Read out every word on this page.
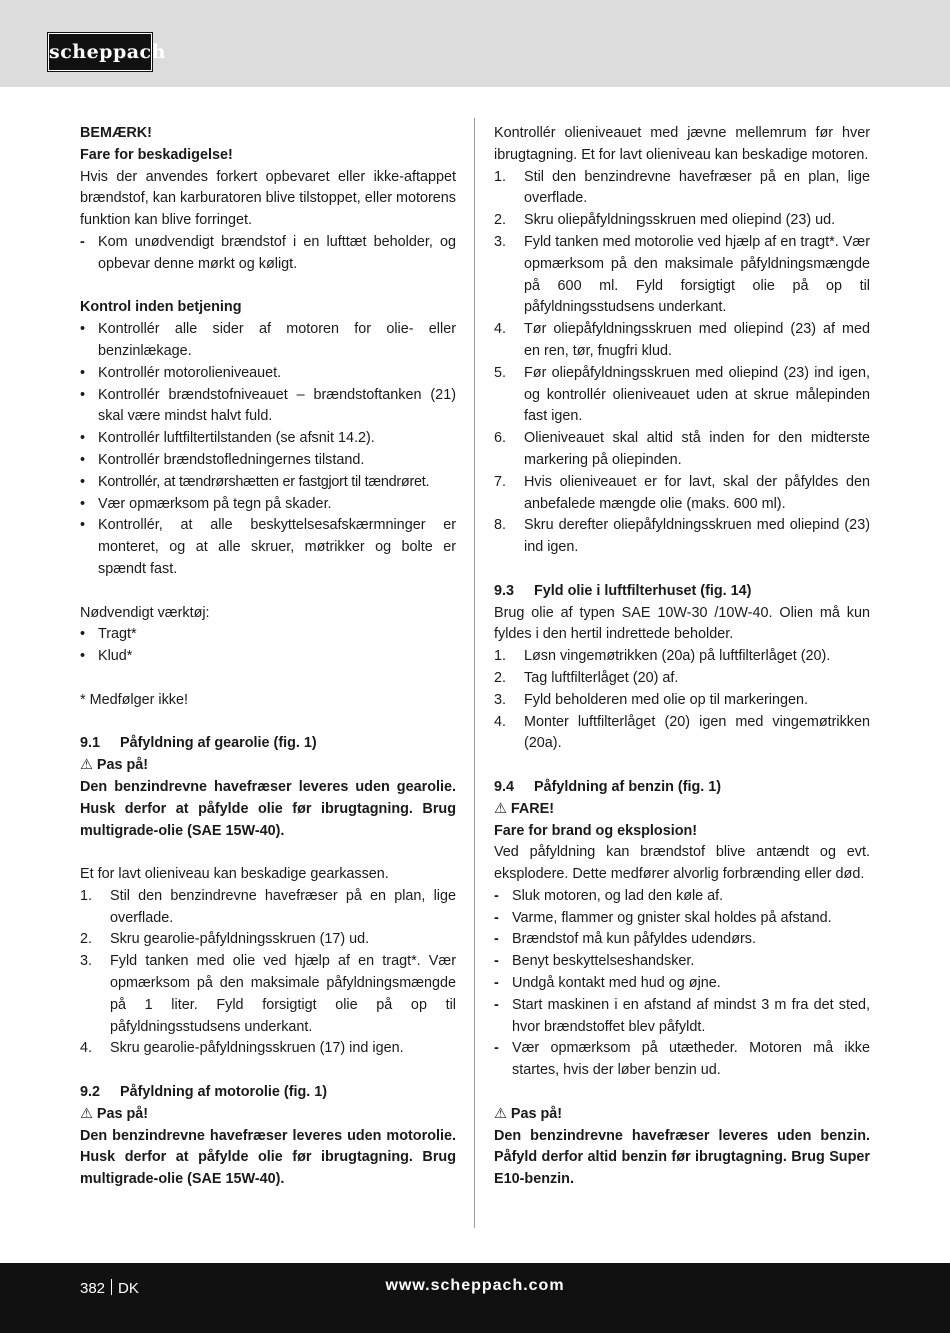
scheppach

BEMÆRK!

Fare for beskadigelse!

Hvis der anvendes forkert opbevaret eller ikke-aftappet brændstof, kan karburatoren blive tilstoppet, eller motorens funktion kan blive forringet.

- Kom unødvendigt brændstof i en lufttæt beholder, og opbevar denne mørkt og køligt.

Kontrol inden betjening

• Kontrollér alle sider af motoren for olie- eller benzinlækage.
• Kontrollér motorolieniveauet.
• Kontrollér brændstofniveauet – brændstoftanken (21) skal være mindst halvt fuld.
• Kontrollér luftfiltertilstanden (se afsnit 14.2).
• Kontrollér brændstofledningernes tilstand.
• Kontrollér, at tændrørshætten er fastgjort til tændrøret.
• Vær opmærksom på tegn på skader.
• Kontrollér, at alle beskyttelsesafskærmninger er monteret, og at alle skruer, møtrikker og bolte er spændt fast.

Nødvendigt værktøj:

• Tragt*
• Klud*

* Medfølger ikke!

9.1 Påfyldning af gearolie (fig. 1)

⚠ Pas på!

Den benzindrevne havefræser leveres uden gearolie. Husk derfor at påfylde olie før ibrugtagning. Brug multigrade-olie (SAE 15W-40).

Et for lavt olieniveau kan beskadige gearkassen.

1. Stil den benzindrevne havefræser på en plan, lige overflade.
2. Skru gearolie-påfyldningsskruen (17) ud.
3. Fyld tanken med olie ved hjælp af en tragt*. Vær opmærksom på den maksimale påfyldningsmængde på 1 liter. Fyld forsigtigt olie på op til påfyldningsstudsens underkant.
4. Skru gearolie-påfyldningsskruen (17) ind igen.

9.2 Påfyldning af motorolie (fig. 1)

⚠ Pas på!

Den benzindrevne havefræser leveres uden motorolie. Husk derfor at påfylde olie før ibrugtagning. Brug multigrade-olie (SAE 15W-40).

Kontrollér olieniveauet med jævne mellemrum før hver ibrugtagning. Et for lavt olieniveau kan beskadige motoren.

1. Stil den benzindrevne havefræser på en plan, lige overflade.
2. Skru oliepåfyldningsskruen med oliepind (23) ud.
3. Fyld tanken med motorolie ved hjælp af en tragt*. Vær opmærksom på den maksimale påfyldningsmængde på 600 ml. Fyld forsigtigt olie på op til påfyldningsstudsens underkant.
4. Tør oliepåfyldningsskruen med oliepind (23) af med en ren, tør, fnugfri klud.
5. Før oliepåfyldningsskruen med oliepind (23) ind igen, og kontrollér olieniveauet uden at skrue målepinden fast igen.
6. Olieniveauet skal altid stå inden for den midterste markering på oliepinden.
7. Hvis olieniveauet er for lavt, skal der påfyldes den anbefalede mængde olie (maks. 600 ml).
8. Skru derefter oliepåfyldningsskruen med oliepind (23) ind igen.

9.3 Fyld olie i luftfilterhuset (fig. 14)

Brug olie af typen SAE 10W-30 /10W-40. Olien må kun fyldes i den hertil indrettede beholder.

1. Løsn vingemøtrikken (20a) på luftfilterlåget (20).
2. Tag luftfilterlåget (20) af.
3. Fyld beholderen med olie op til markeringen.
4. Monter luftfilterlåget (20) igen med vingemøtrikken (20a).

9.4 Påfyldning af benzin (fig. 1)

⚠ FARE!

Fare for brand og eksplosion!

Ved påfyldning kan brændstof blive antændt og evt. eksplodere. Dette medfører alvorlig forbrænding eller død.

- Sluk motoren, og lad den køle af.
- Varme, flammer og gnister skal holdes på afstand.
- Brændstof må kun påfyldes udendørs.
- Benyt beskyttelseshandsker.
- Undgå kontakt med hud og øjne.
- Start maskinen i en afstand af mindst 3 m fra det sted, hvor brændstoffet blev påfyldt.
- Vær opmærksom på utætheder. Motoren må ikke startes, hvis der løber benzin ud.

⚠ Pas på!

Den benzindrevne havefræser leveres uden benzin. Påfyld derfor altid benzin før ibrugtagning. Brug Super E10-benzin.

382 DK	www.scheppach.com
